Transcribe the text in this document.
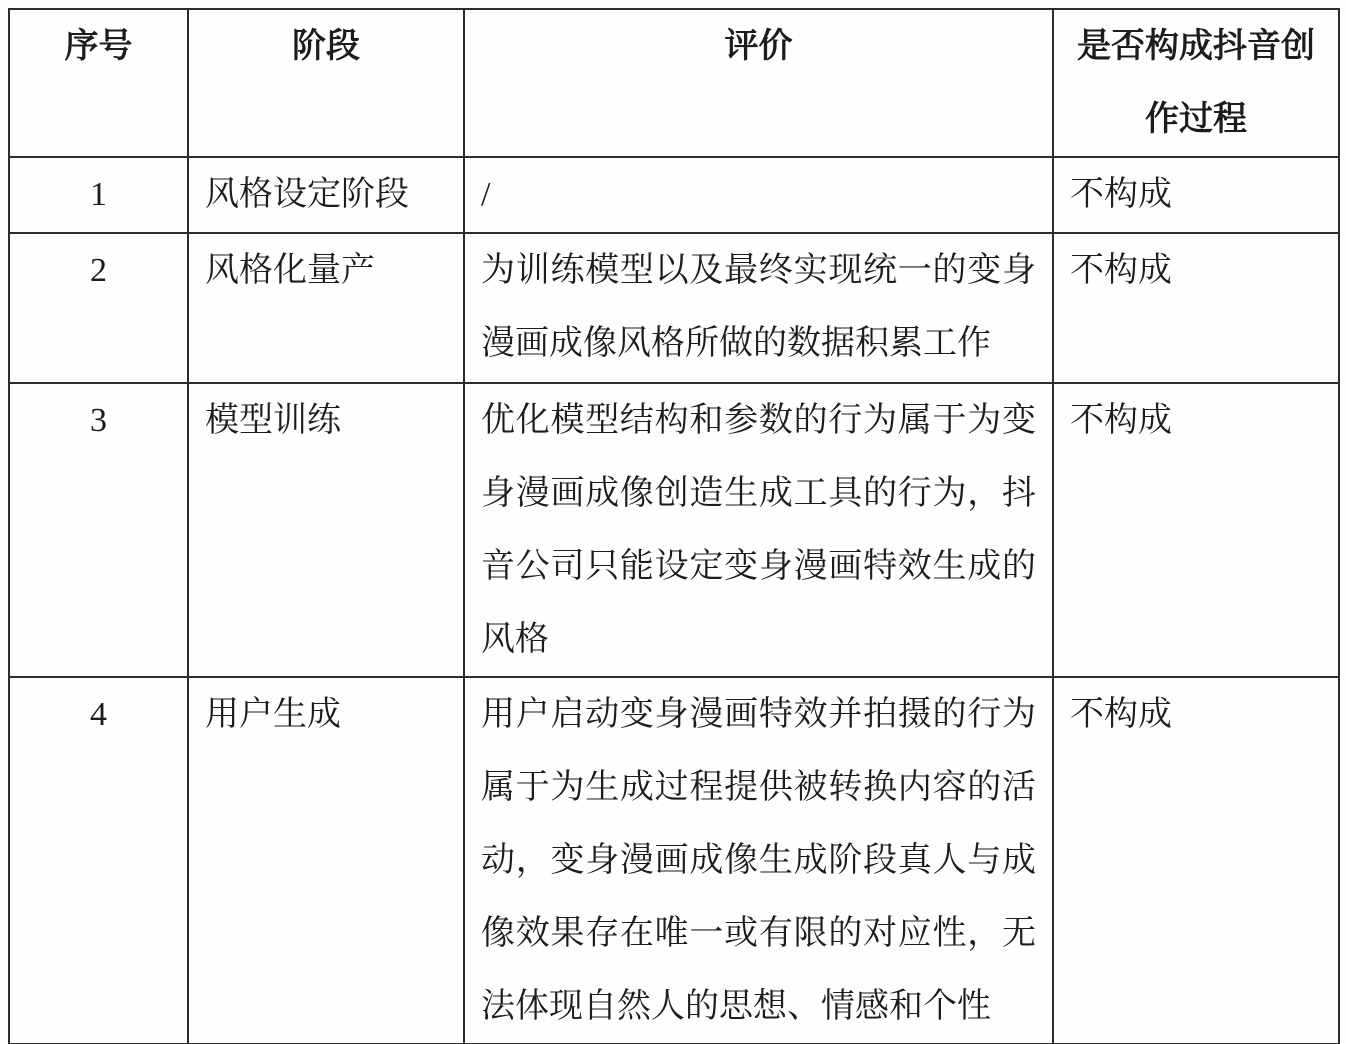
序号	阶段	评价	是否构成抖音创作过程
1	风格设定阶段	/	不构成
2	风格化量产	为训练模型以及最终实现统一的变身漫画成像风格所做的数据积累工作	不构成
3	模型训练	优化模型结构和参数的行为属于为变身漫画成像创造生成工具的行为，抖音公司只能设定变身漫画特效生成的风格	不构成
4	用户生成	用户启动变身漫画特效并拍摄的行为属于为生成过程提供被转换内容的活动，变身漫画成像生成阶段真人与成像效果存在唯一或有限的对应性，无法体现自然人的思想、情感和个性	不构成
